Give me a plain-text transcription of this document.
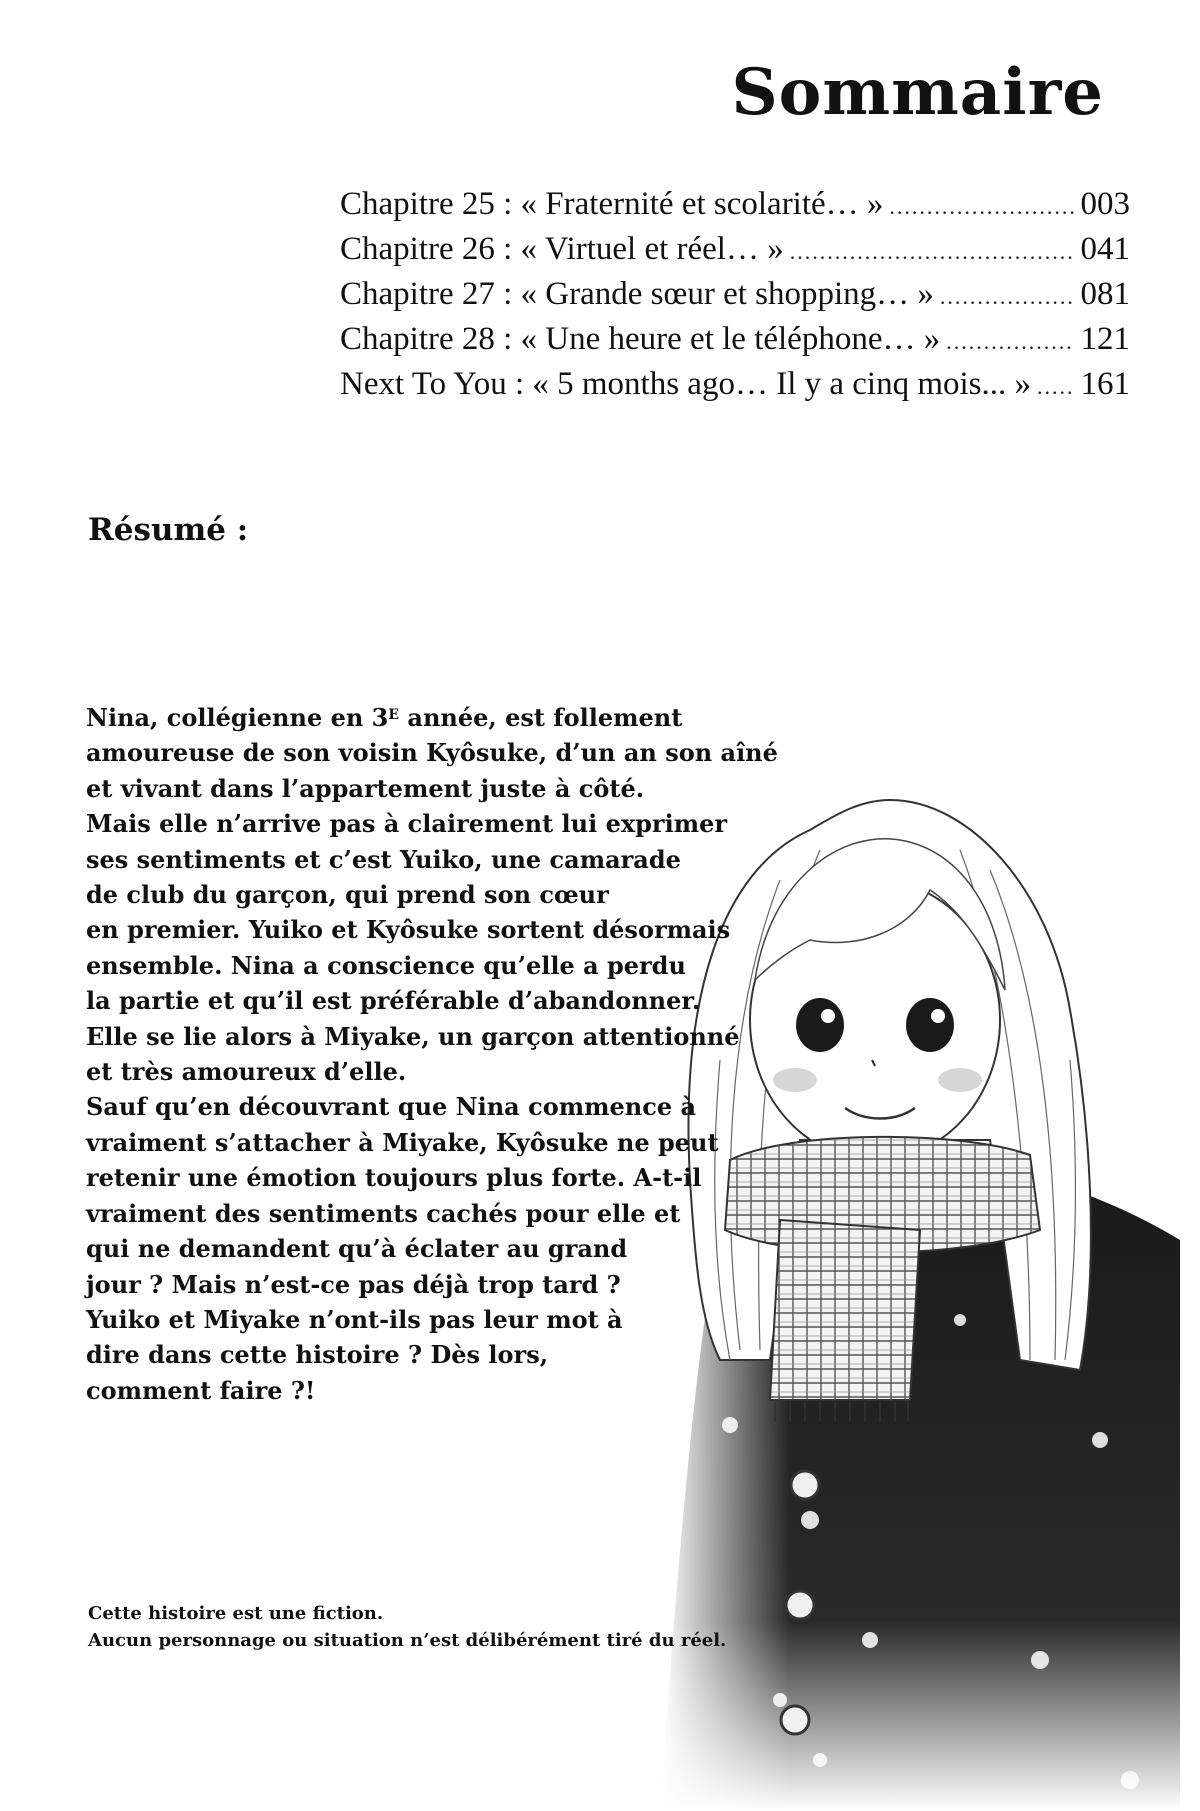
Sommaire
Chapitre 25 : « Fraternité et scolarité… » .....	003
Chapitre 26 : « Virtuel et réel… » .....	041
Chapitre 27 : « Grande sœur et shopping… » .....	081
Chapitre 28 : « Une heure et le téléphone… » .....	121
Next To You : « 5 months ago… Il y a cinq mois... » ..... 161
Résumé :
Nina, collégienne en $3^E$ année, est follement
amoureuse de son voisin Kyôsuke, d’un an son aîné
et vivant dans l’appartement juste à côté.
Mais elle n’arrive pas à clairement lui exprimer
ses sentiments et c’est Yuiko, une camarade
de club du garçon, qui prend son cœur
en premier. Yuiko et Kyôsuke sortent désormais
ensemble. Nina a conscience qu’elle a perdu
la partie et qu’il est préférable d’abandonner.
Elle se lie alors à Miyake, un garçon attentionné
et très amoureux d’elle.
Sauf qu’en découvrant que Nina commence à
vraiment s’attacher à Miyake, Kyôsuke ne peut
retenir une émotion toujours plus forte. A-t-il
vraiment des sentiments cachés pour elle et
qui ne demandent qu’à éclater au grand
jour ? Mais n’est-ce pas déjà trop tard ?
Yuiko et Miyake n’ont-ils pas leur mot à
dire dans cette histoire ? Dès lors,
comment faire ?!
Cette histoire est une fiction.
Aucun personnage ou situation n’est délibérément tiré du réel.
